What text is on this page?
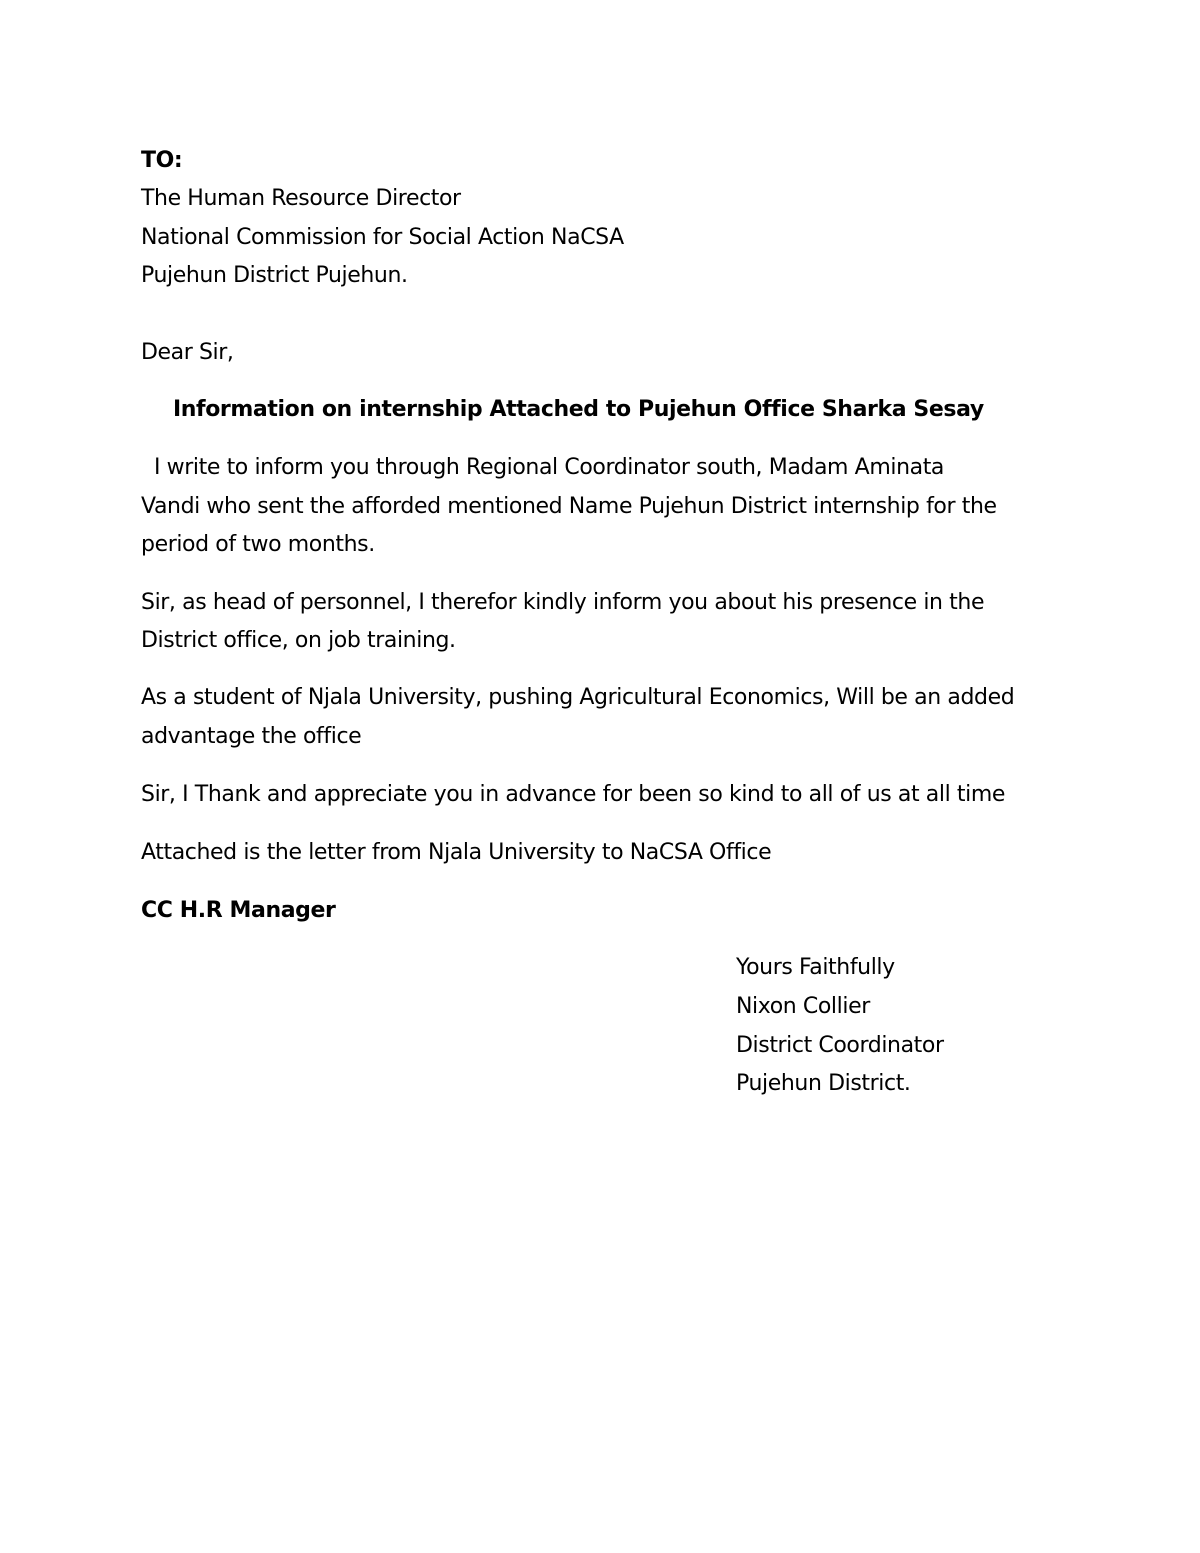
TO:
The Human Resource Director
National Commission for Social Action NaCSA
Pujehun District Pujehun.
Dear Sir,
Information on internship Attached to Pujehun Office Sharka Sesay
I write to inform you through Regional Coordinator south, Madam Aminata
Vandi who sent the afforded mentioned Name Pujehun District internship for the
period of two months.
Sir, as head of personnel, I therefor kindly inform you about his presence in the
District office, on job training.
As a student of Njala University, pushing Agricultural Economics, Will be an added
advantage the office
Sir, I Thank and appreciate you in advance for been so kind to all of us at all time
Attached is the letter from Njala University to NaCSA Office
CC H.R Manager
Yours Faithfully
Nixon Collier
District Coordinator
Pujehun District.
